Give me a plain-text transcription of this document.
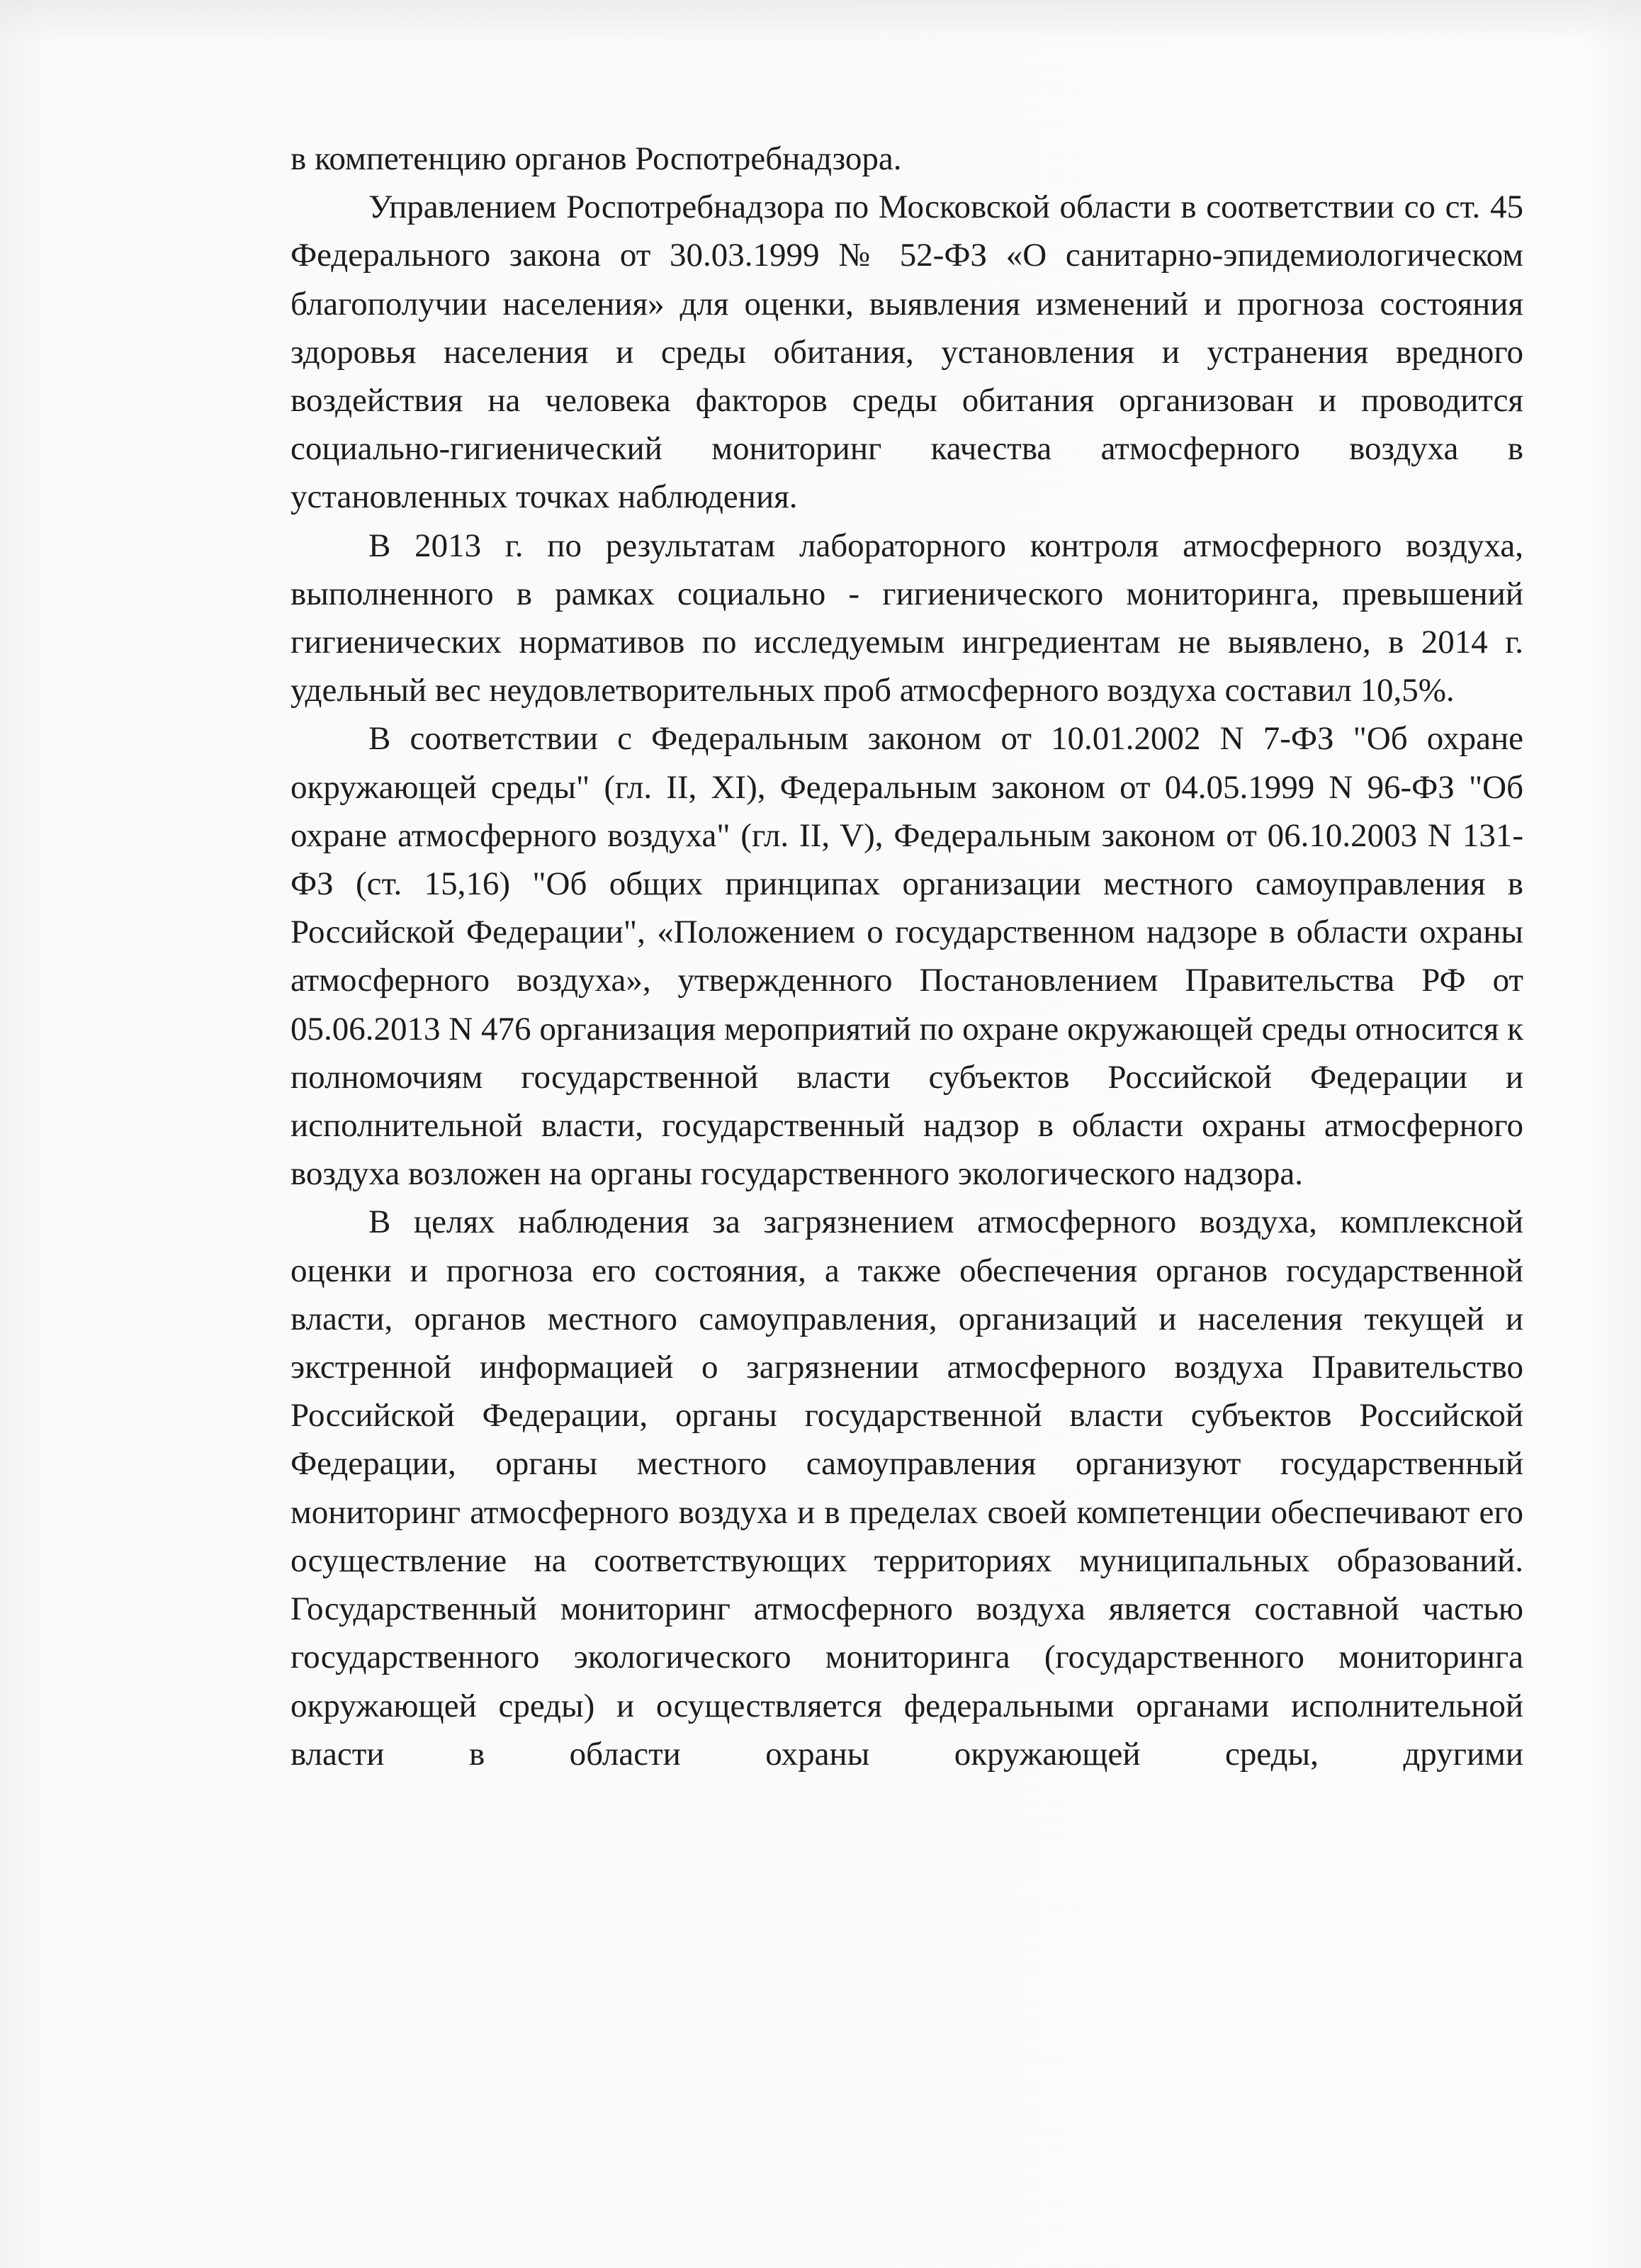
в компетенцию органов Роспотребнадзора.

Управлением Роспотребнадзора по Московской области в соответствии со ст. 45 Федерального закона от 30.03.1999 № 52-ФЗ «О санитарно-эпидемиологическом благополучии населения» для оценки, выявления изменений и прогноза состояния здоровья населения и среды обитания, установления и устранения вредного воздействия на человека факторов среды обитания организован и проводится социально-гигиенический мониторинг качества атмосферного воздуха в установленных точках наблюдения.

В 2013 г. по результатам лабораторного контроля атмосферного воздуха, выполненного в рамках социально - гигиенического мониторинга, превышений гигиенических нормативов по исследуемым ингредиентам не выявлено, в 2014 г. удельный вес неудовлетворительных проб атмосферного воздуха составил 10,5%.

В соответствии с Федеральным законом от 10.01.2002 N 7-ФЗ "Об охране окружающей среды" (гл. II, XI), Федеральным законом от 04.05.1999 N 96-ФЗ "Об охране атмосферного воздуха" (гл. II, V), Федеральным законом от 06.10.2003 N 131-ФЗ (ст. 15,16) "Об общих принципах организации местного самоуправления в Российской Федерации", «Положением о государственном надзоре в области охраны атмосферного воздуха», утвержденного Постановлением Правительства РФ от 05.06.2013 N 476 организация мероприятий по охране окружающей среды относится к полномочиям государственной власти субъектов Российской Федерации и исполнительной власти, государственный надзор в области охраны атмосферного воздуха возложен на органы государственного экологического надзора.

В целях наблюдения за загрязнением атмосферного воздуха, комплексной оценки и прогноза его состояния, а также обеспечения органов государственной власти, органов местного самоуправления, организаций и населения текущей и экстренной информацией о загрязнении атмосферного воздуха Правительство Российской Федерации, органы государственной власти субъектов Российской Федерации, органы местного самоуправления организуют государственный мониторинг атмосферного воздуха и в пределах своей компетенции обеспечивают его осуществление на соответствующих территориях муниципальных образований.

Государственный мониторинг атмосферного воздуха является составной частью государственного экологического мониторинга (государственного мониторинга окружающей среды) и осуществляется федеральными органами исполнительной власти в области охраны окружающей среды, другими
